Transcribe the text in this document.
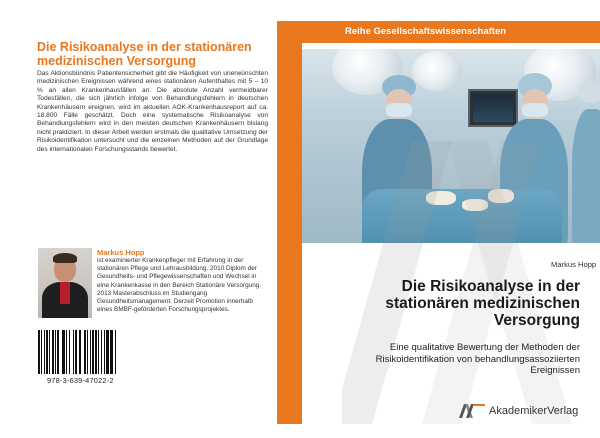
Die Risikoanalyse in der stationären
medizinischen Versorgung
Das Aktionsbündnis Patientensicherheit gibt die Häufigkeit von unerwünschten medizinischen Ereignissen während eines stationären Aufenthaltes mit 5 – 10 % an allen Krankenhausfällen an. Die absolute Anzahl vermeidbarer Todesfällen, die sich jährlich infolge von Behandlungsfehlern in deutschen Krankenhäusern ereignen, wird im aktuellen AOK-Krankenhausreport auf ca. 18.800 Fälle geschätzt. Doch eine systematische Risikoanalyse von Behandlungsfehlern wird in den meisten deutschen Krankenhäusern bislang nicht praktiziert. In dieser Arbeit werden erstmals die qualitative Umsetzung der Risikoidentifikation untersucht und die einzelnen Methoden auf der Grundlage des internationalen Forschungsstands bewertet.
Markus Hopp
ist examinierter Krankenpfleger mit Erfahrung in der stationären Pflege und Lehrausbildung. 2010 Diplom der Gesundheits- und Pflegewissenschaften und Wechsel in eine Krankenkasse in den Bereich Stationäre Versorgung. 2013 Masterabschluss im Studiengang Gesundheitsmanagement. Derzeit Promotion innerhalb eines BMBF-geförderten Forschungsprojektes.
978-3-639-47022-2
Reihe Gesellschaftswissenschaften
Markus Hopp
Die Risikoanalyse in der
stationären medizinischen
Versorgung
Eine qualitative Bewertung der Methoden der
Risikoidentifikation von behandlungsassoziierten
Ereignissen
AkademikerVerlag
